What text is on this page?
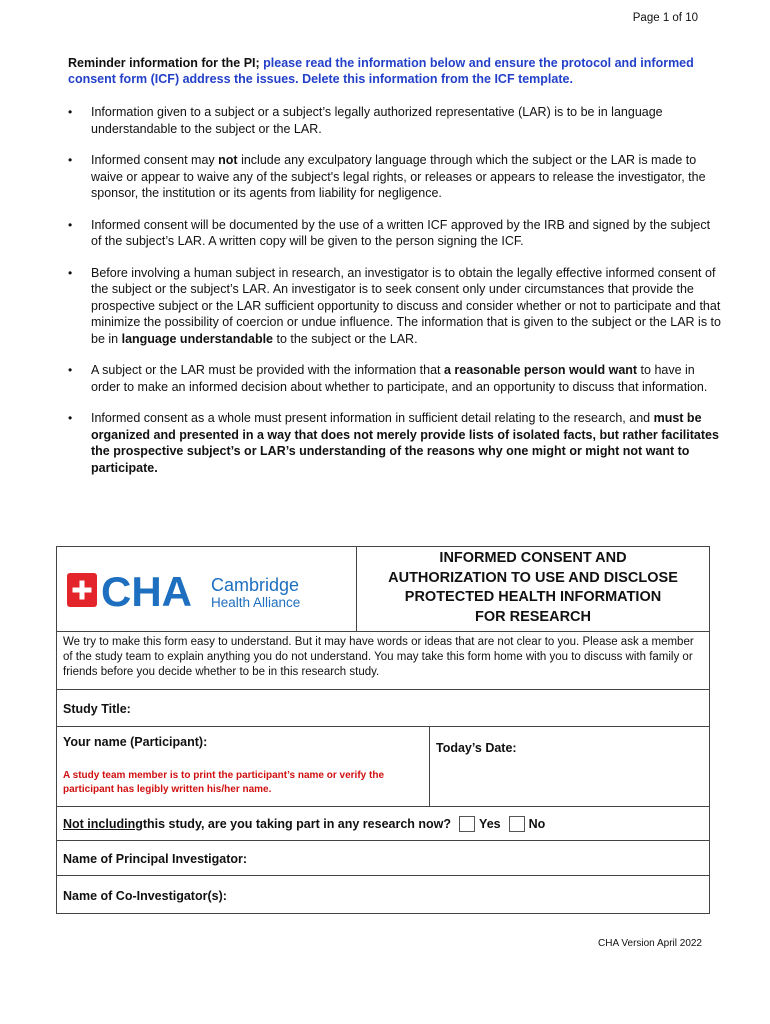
Page 1 of 10
Reminder information for the PI; please read the information below and ensure the protocol and informed consent form (ICF) address the issues. Delete this information from the ICF template.
• Information given to a subject or a subject’s legally authorized representative (LAR) is to be in language understandable to the subject or the LAR.
• Informed consent may not include any exculpatory language through which the subject or the LAR is made to waive or appear to waive any of the subject's legal rights, or releases or appears to release the investigator, the sponsor, the institution or its agents from liability for negligence.
• Informed consent will be documented by the use of a written ICF approved by the IRB and signed by the subject of the subject’s LAR. A written copy will be given to the person signing the ICF.
• Before involving a human subject in research, an investigator is to obtain the legally effective informed consent of the subject or the subject’s LAR. An investigator is to seek consent only under circumstances that provide the prospective subject or the LAR sufficient opportunity to discuss and consider whether or not to participate and that minimize the possibility of coercion or undue influence. The information that is given to the subject or the LAR is to be in language understandable to the subject or the LAR.
• A subject or the LAR must be provided with the information that a reasonable person would want to have in order to make an informed decision about whether to participate, and an opportunity to discuss that information.
• Informed consent as a whole must present information in sufficient detail relating to the research, and must be organized and presented in a way that does not merely provide lists of isolated facts, but rather facilitates the prospective subject’s or LAR’s understanding of the reasons why one might or might not want to participate.
CHA Cambridge
Health Alliance
INFORMED CONSENT AND
AUTHORIZATION TO USE AND DISCLOSE
PROTECTED HEALTH INFORMATION
FOR RESEARCH
We try to make this form easy to understand. But it may have words or ideas that are not clear to you. Please ask a member of the study team to explain anything you do not understand. You may take this form home with you to discuss with family or friends before you decide whether to be in this research study.
Study Title:
Your name (Participant):
A study team member is to print the participant’s name or verify the participant has legibly written his/her name.
Today’s Date:
Not including this study, are you taking part in any research now? Yes No
Name of Principal Investigator:
Name of Co-Investigator(s):
CHA Version April 2022
